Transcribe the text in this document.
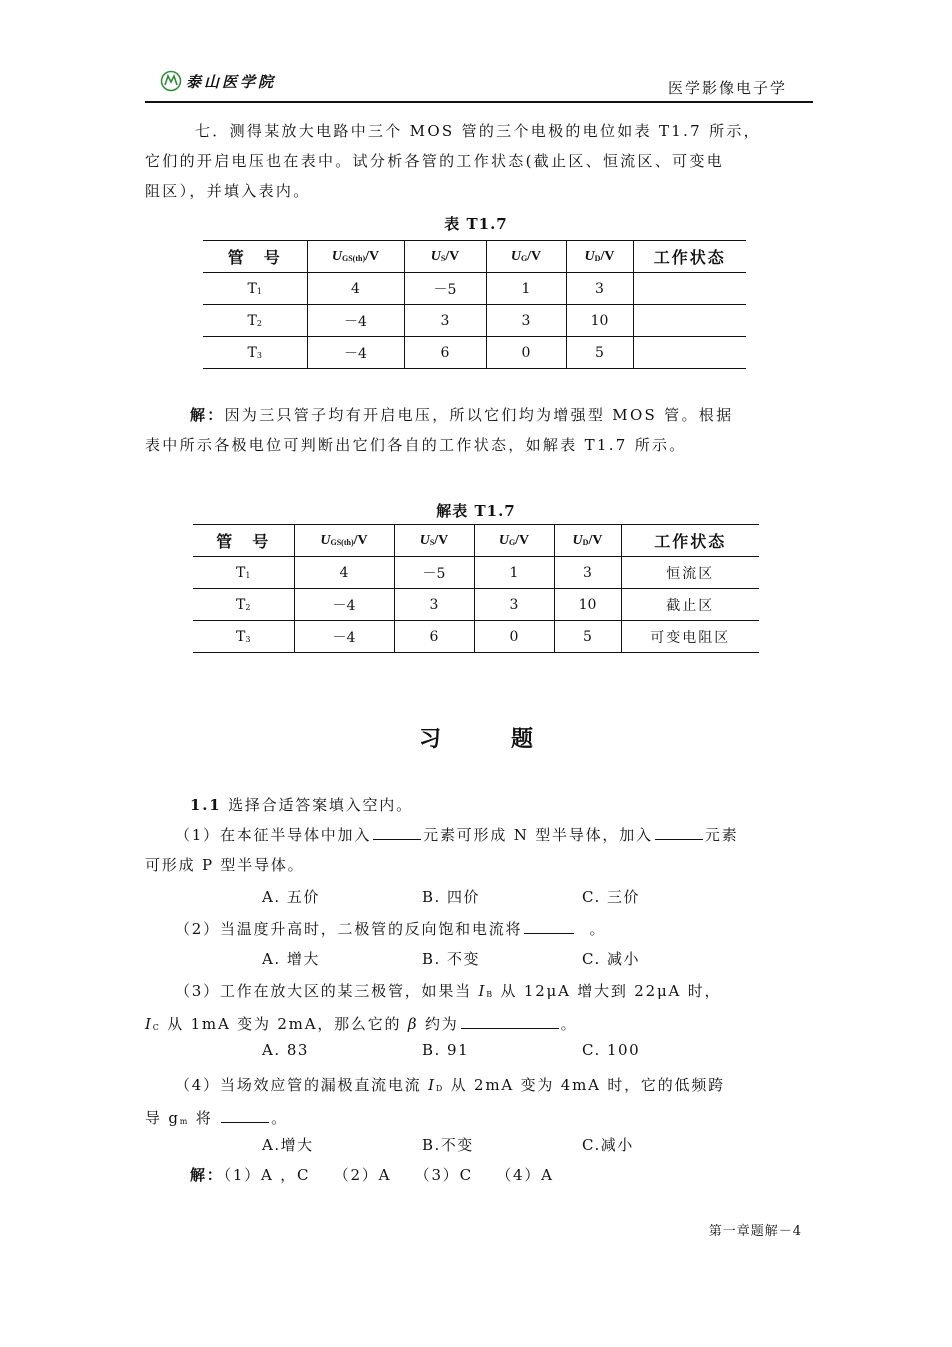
泰山医学院	医学影像电子学
七．测得某放大电路中三个 MOS 管的三个电极的电位如表 T1.7 所示，
它们的开启电压也在表中。试分析各管的工作状态(截止区、恒流区、可变电
阻区），并填入表内。
表 T1.7
管　号	UGS(th)/V	US/V	UG/V	UD/V	工作状态
T1	4	－5	1	3	
T2	－4	3	3	10	
T3	－4	6	0	5	
解：因为三只管子均有开启电压，所以它们均为增强型 MOS 管。根据
表中所示各极电位可判断出它们各自的工作状态，如解表 T1.7 所示。
解表 T1.7
管　号	UGS(th)/V	US/V	UG/V	UD/V	工作状态
T1	4	－5	1	3	恒流区
T2	－4	3	3	10	截止区
T3	－4	6	0	5	可变电阻区
习题
1.1 选择合适答案填入空内。
（1）在本征半导体中加入	元素可形成 N 型半导体，加入	元素
可形成 P 型半导体。
A. 五价	B. 四价	C. 三价
（2）当温度升高时，二极管的反向饱和电流将	。
A. 增大	B. 不变	C. 减小
（3）工作在放大区的某三极管，如果当 IB 从 12μA 增大到 22μA 时，
IC 从 1mA 变为 2mA，那么它的 β 约为	。
A. 83	B. 91	C. 100
（4）当场效应管的漏极直流电流 ID 从 2mA 变为 4mA 时，它的低频跨
导 gm 将	。
A.增大	B.不变	C.减小
解：（1）A ，C　 （2）A　 （3）C　 （4）A
第一章题解－4
